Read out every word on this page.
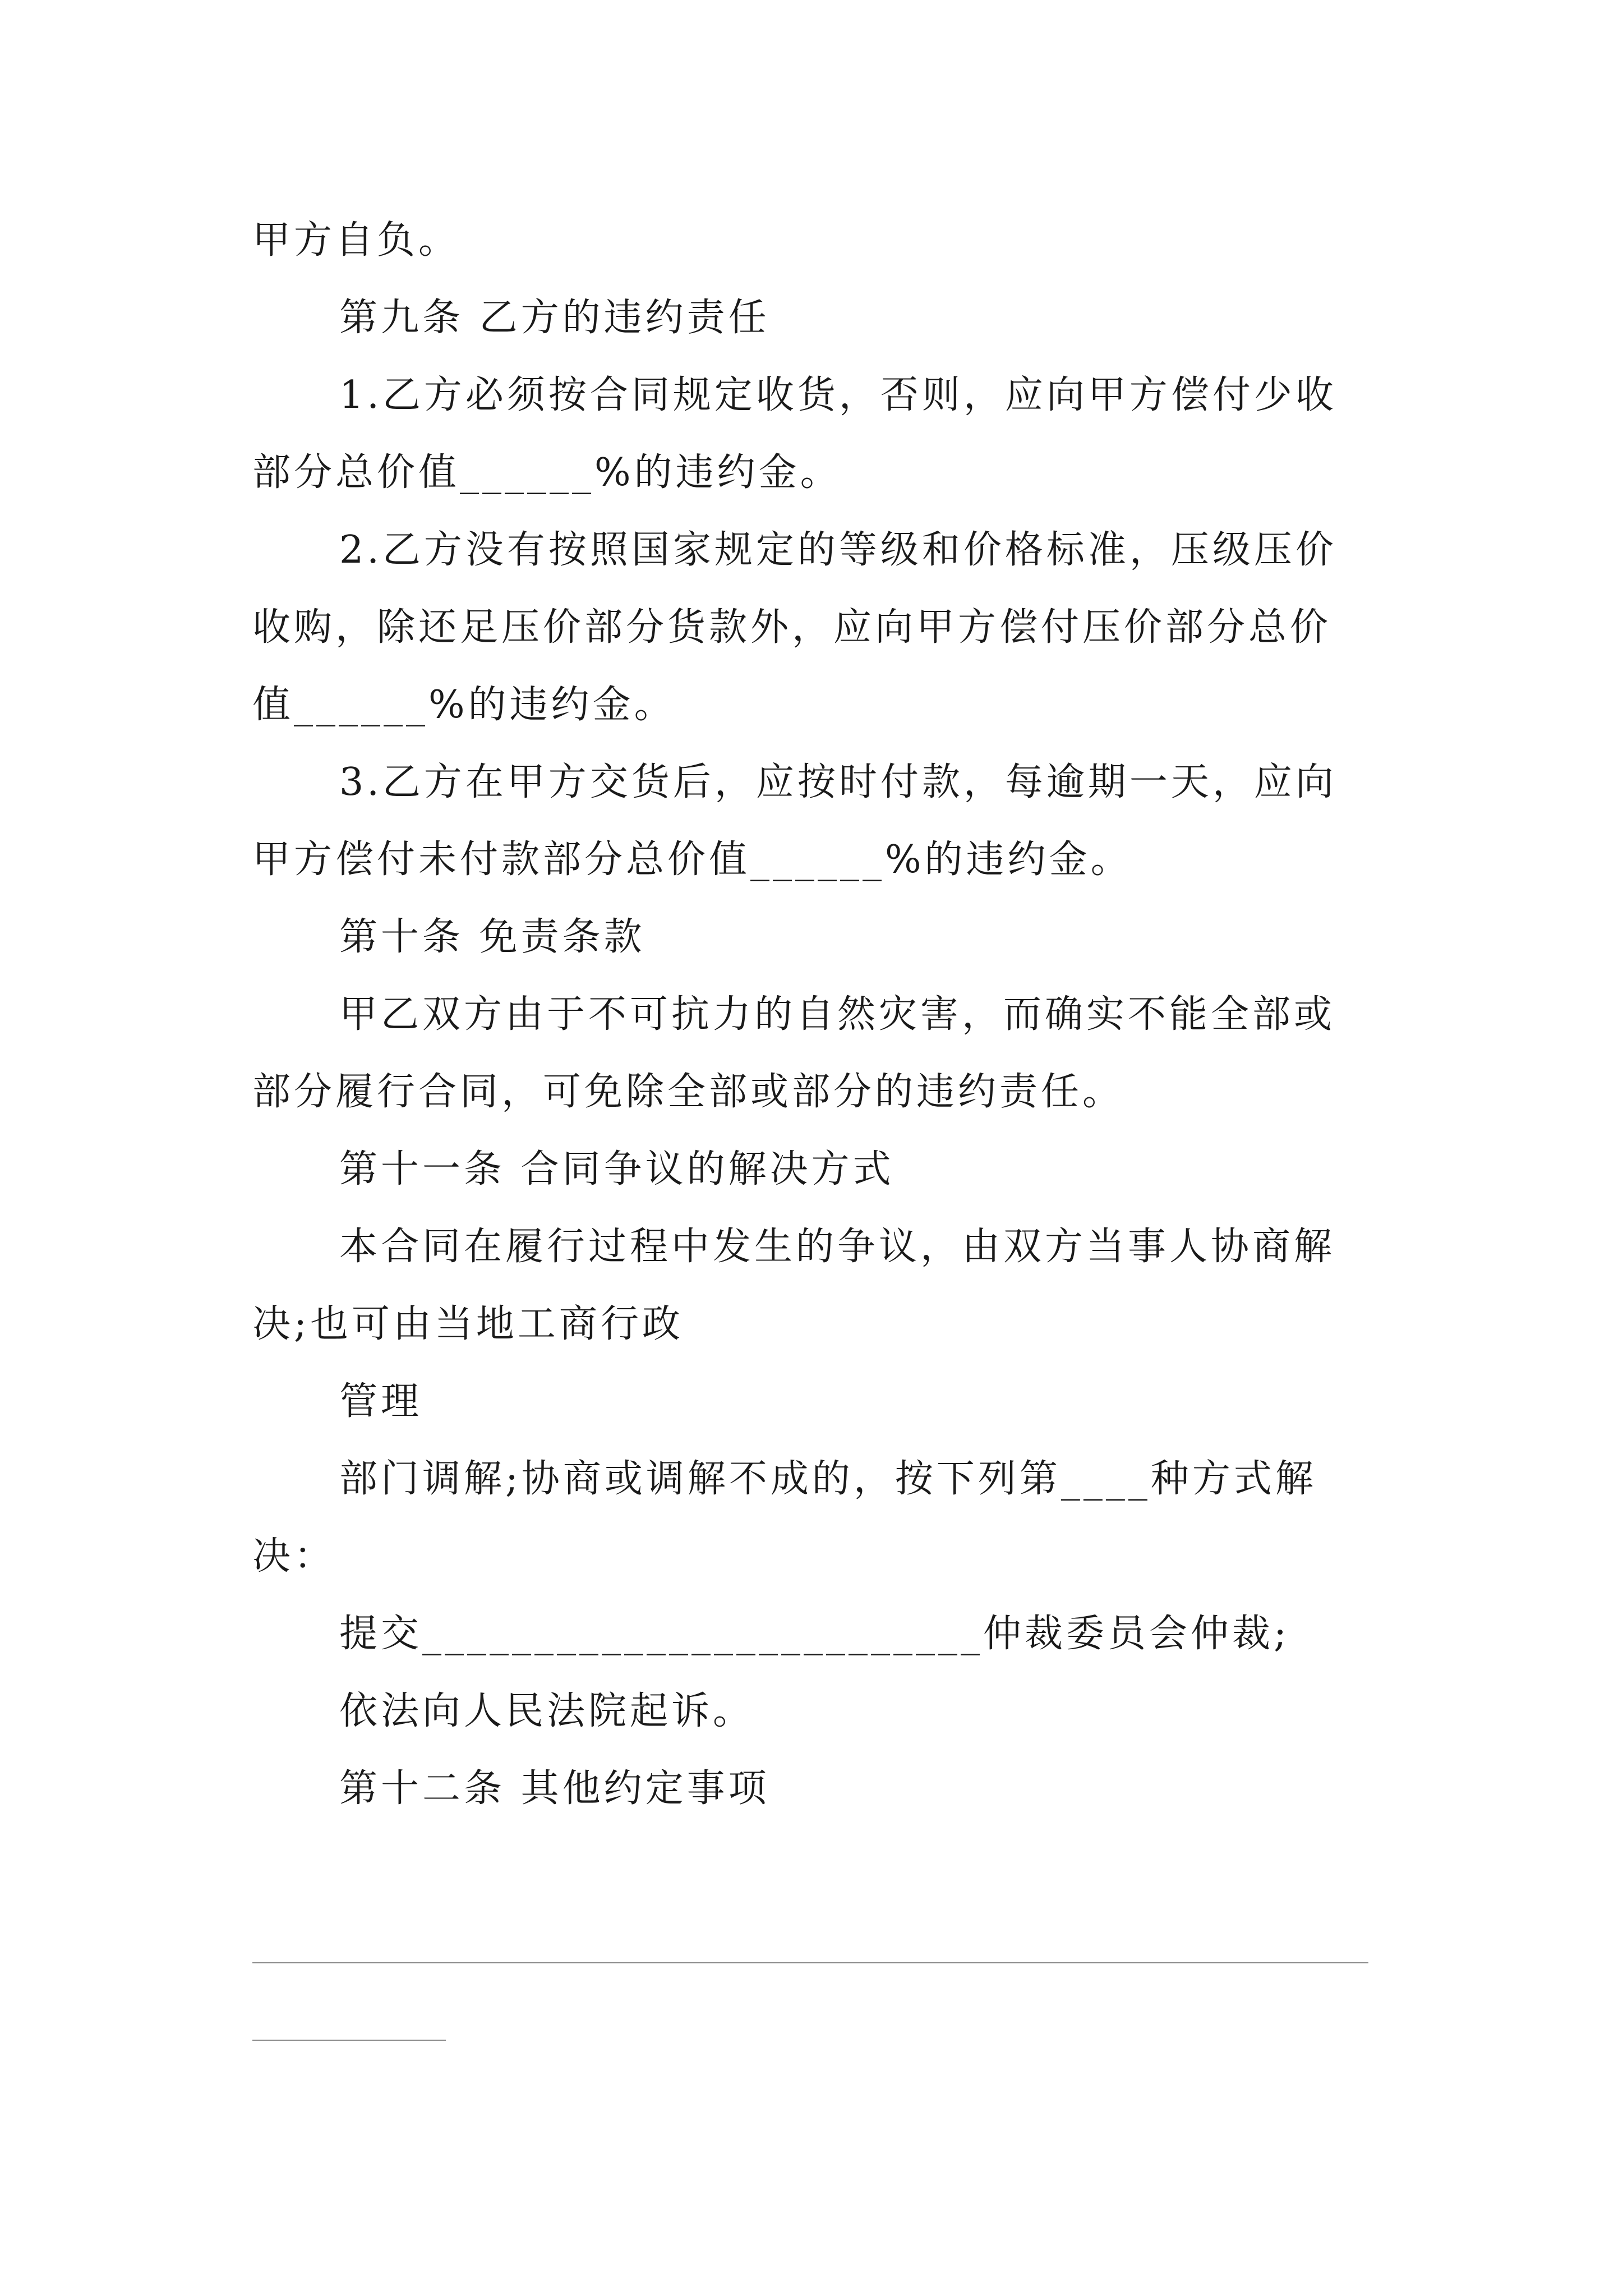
甲方自负。
第九条 乙方的违约责任
1.乙方必须按合同规定收货，否则，应向甲方偿付少收
部分总价值______%的违约金。
2.乙方没有按照国家规定的等级和价格标准，压级压价
收购，除还足压价部分货款外，应向甲方偿付压价部分总价
值______%的违约金。
3.乙方在甲方交货后，应按时付款，每逾期一天，应向
甲方偿付未付款部分总价值______%的违约金。
第十条 免责条款
甲乙双方由于不可抗力的自然灾害，而确实不能全部或
部分履行合同，可免除全部或部分的违约责任。
第十一条 合同争议的解决方式
本合同在履行过程中发生的争议，由双方当事人协商解
决;也可由当地工商行政
管理
部门调解;协商或调解不成的，按下列第____种方式解
决：
提交_________________________仲裁委员会仲裁;
依法向人民法院起诉。
第十二条 其他约定事项
